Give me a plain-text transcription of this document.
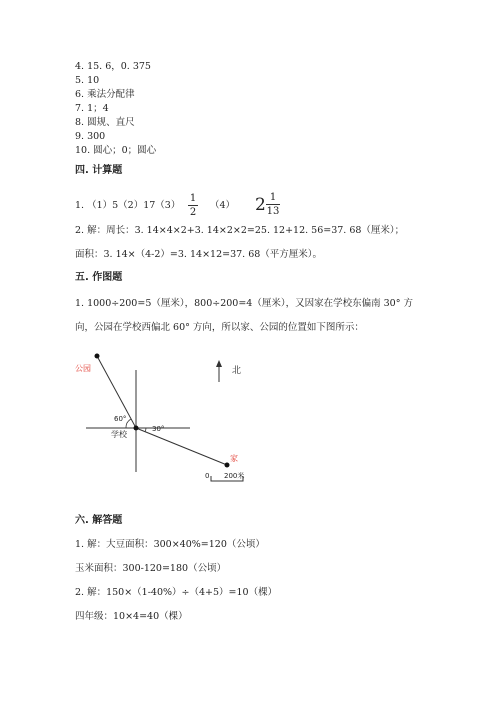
4. 15. 6，0. 375
5. 10
6. 乘法分配律
7. 1；4
8. 圆规、直尺
9. 300
10. 圆心；0；圆心
四. 计算题
1. （1）5（2）17（3）
1
2
（4） 2 1
13
2. 解：周长：3. 14×4×2+3. 14×2×2=25. 12+12. 56=37. 68（厘米）；
面积：3. 14×（4-2）=3. 14×12=37. 68（平方厘米）。
五. 作图题
1. 1000÷200=5（厘米），800÷200=4（厘米），又因家在学校东偏南 30° 方
向，公园在学校西偏北 60° 方向，所以家、公园的位置如下图所示：
公园	北
60°
30°
学校
家
0 200米
六. 解答题
1. 解：大豆面积：300×40%=120（公顷）
玉米面积：300-120=180（公顷）
2. 解：150×（1-40%）÷（4+5）=10（棵）
四年级：10×4=40（棵）
